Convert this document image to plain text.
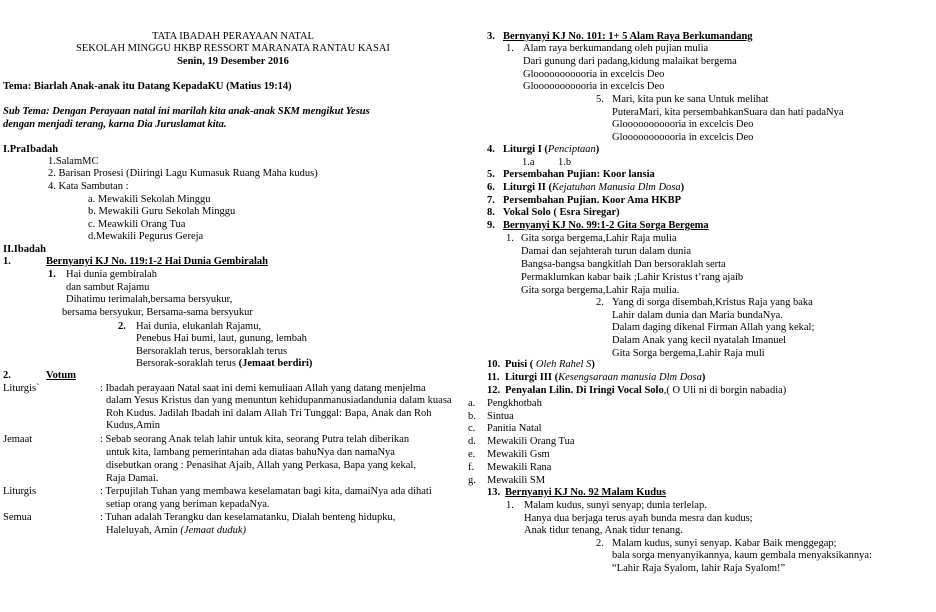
TATA IBADAH PERAYAAN NATAL
SEKOLAH MINGGU HKBP RESSORT MARANATA RANTAU KASAI
Senin, 19 Desember 2016
Tema: Biarlah Anak-anak itu Datang KepadaKU (Matius 19:14)
Sub Tema: Dengan Perayaan natal ini marilah kita anak-anak SKM mengikut Yesus
dengan menjadi terang, karna Dia Juruslamat kita.
I.PraIbadah
1.SalamMC
2. Barisan Prosesi (Diiringi Lagu Kumasuk Ruang Maha kudus)
4. Kata Sambutan :
a. Mewakili Sekolah Minggu
b. Mewakili Guru Sekolah Minggu
c. Meawkili Orang Tua
d.Mewakili Pegurus Gereja
II.Ibadah
1.	Bernyanyi KJ No. 119:1-2 Hai Dunia Gembiralah
1. Hai dunia gembiralah
dan sambut Rajamu
Dihatimu terimalah,bersama bersyukur,
bersama bersyukur, Bersama-sama bersyukur
2. Hai dunia, elukanlah Rajamu,
Penebus Hai bumi, laut, gunung, lembah
Bersoraklah terus, bersoraklah terus
Bersorak-soraklah terus (Jemaat berdiri)
2.	Votum
Liturgis`	: Ibadah perayaan Natal saat ini demi kemuliaan Allah yang datang menjelma
dalam Yesus Kristus dan yang menuntun kehidupanmanusiadandunia dalam kuasa
Roh Kudus. Jadilah Ibadah ini dalam Allah Tri Tunggal: Bapa, Anak dan Roh
Kudus,Amin
Jemaat	: Sebab seorang Anak telah lahir untuk kita, seorang Putra telah diberikan
untuk kita, lambang pemerintahan ada diatas bahuNya dan namaNya
disebutkan orang : Penasihat Ajaib, Allah yang Perkasa, Bapa yang kekal,
Raja Damai.
Liturgis	: Terpujilah Tuhan yang membawa keselamatan bagi kita, damaiNya ada dihati
setiap orang yang beriman kepadaNya.
Semua	: Tuhan adalah Terangku dan keselamatanku, Dialah benteng hidupku,
Haleluyah, Amin (Jemaat duduk)
3. Bernyanyi KJ No. 101: 1+ 5 Alam Raya Berkumandang
1. Alam raya berkumandang oleh pujian mulia
Dari gunung dari padang,kidung malaikat bergema
Glooooooooooria in excelcis Deo
Glooooooooooria in excelcis Deo
5. Mari, kita pun ke sana Untuk melihat
PuteraMari, kita persembahkanSuara dan hati padaNya
Glooooooooooria in excelcis Deo
Glooooooooooria in excelcis Deo
4. Liturgi I (Penciptaan)
1.a 1.b
5. Persembahan Pujian: Koor lansia
6. Liturgi II (Kejatuhan Manusia Dlm Dosa)
7. Persembahan Pujian. Koor Ama HKBP
8. Vokal Solo ( Esra Siregar)
9. Bernyanyi KJ No. 99:1-2 Gita Sorga Bergema
1. Gita sorga bergema,Lahir Raja mulia
Damai dan sejahterah turun dalam dunia
Bangsa-bangsa bangkitlah Dan bersoraklah serta
Permaklumkan kabar baik ;Lahir Kristus t’rang ajaib
Gita sorga bergema,Lahir Raja mulia.
2. Yang di sorga disembah,Kristus Raja yang baka
Lahir dalam dunia dan Maria bundaNya.
Dalam daging dikenal Firman Allah yang kekal;
Dalam Anak yang kecil nyatalah Imanuel
Gita Sorga bergema,Lahir Raja muli
10. Puisi ( Oleh Rahel S)
11. Liturgi III (Kesengsaraan manusia Dlm Dosa)
12. Penyalan Lilin. Di Iringi Vocal Solo,( O Uli ni di borgin nabadia)
a. Pengkhotbah
b. Sintua
c. Panitia Natal
d. Mewakili Orang Tua
e. Mewakili Gsm
f. Mewakili Rana
g. Mewakili SM
13. Bernyanyi KJ No. 92 Malam Kudus
1. Malam kudus, sunyi senyap; dunia terlelap.
Hanya dua berjaga terus ayah bunda mesra dan kudus;
Anak tidur tenang, Anak tidur tenang.
2. Malam kudus, sunyi senyap. Kabar Baik menggegap;
bala sorga menyanyikannya, kaum gembala menyaksikannya:
“Lahir Raja Syalom, lahir Raja Syalom!”
